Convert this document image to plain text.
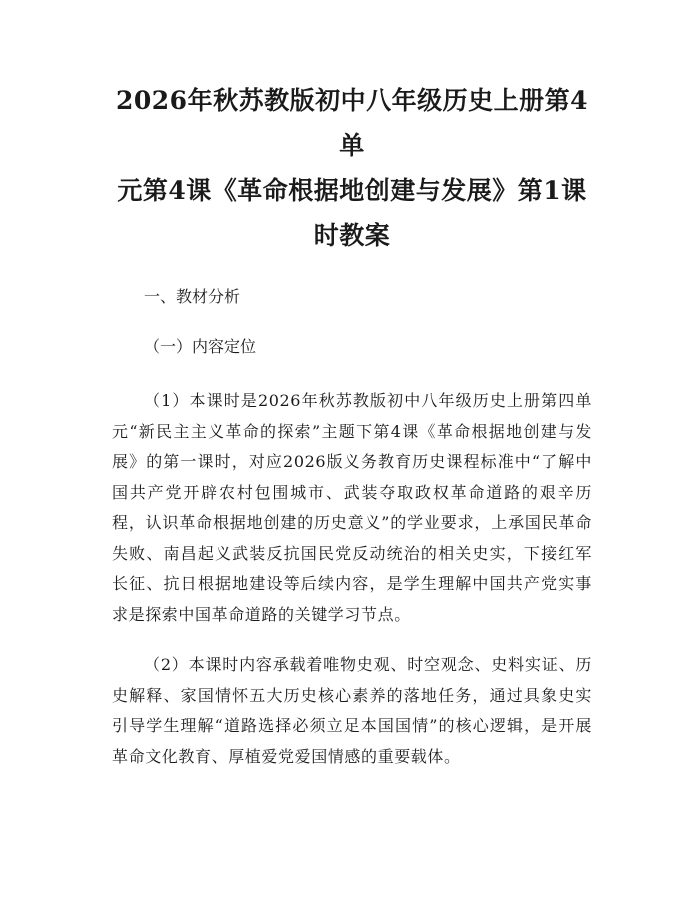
2026年秋苏教版初中八年级历史上册第4单
元第4课《革命根据地创建与发展》第1课
时教案

一、教材分析

（一）内容定位

（1）本课时是2026年秋苏教版初中八年级历史上册第四单元“新民主主义革命的探索”主题下第4课《革命根据地创建与发展》的第一课时，对应2026版义务教育历史课程标准中“了解中国共产党开辟农村包围城市、武装夺取政权革命道路的艰辛历程，认识革命根据地创建的历史意义”的学业要求，上承国民革命失败、南昌起义武装反抗国民党反动统治的相关史实，下接红军长征、抗日根据地建设等后续内容，是学生理解中国共产党实事求是探索中国革命道路的关键学习节点。

（2）本课时内容承载着唯物史观、时空观念、史料实证、历史解释、家国情怀五大历史核心素养的落地任务，通过具象史实引导学生理解“道路选择必须立足本国国情”的核心逻辑，是开展革命文化教育、厚植爱党爱国情感的重要载体。
